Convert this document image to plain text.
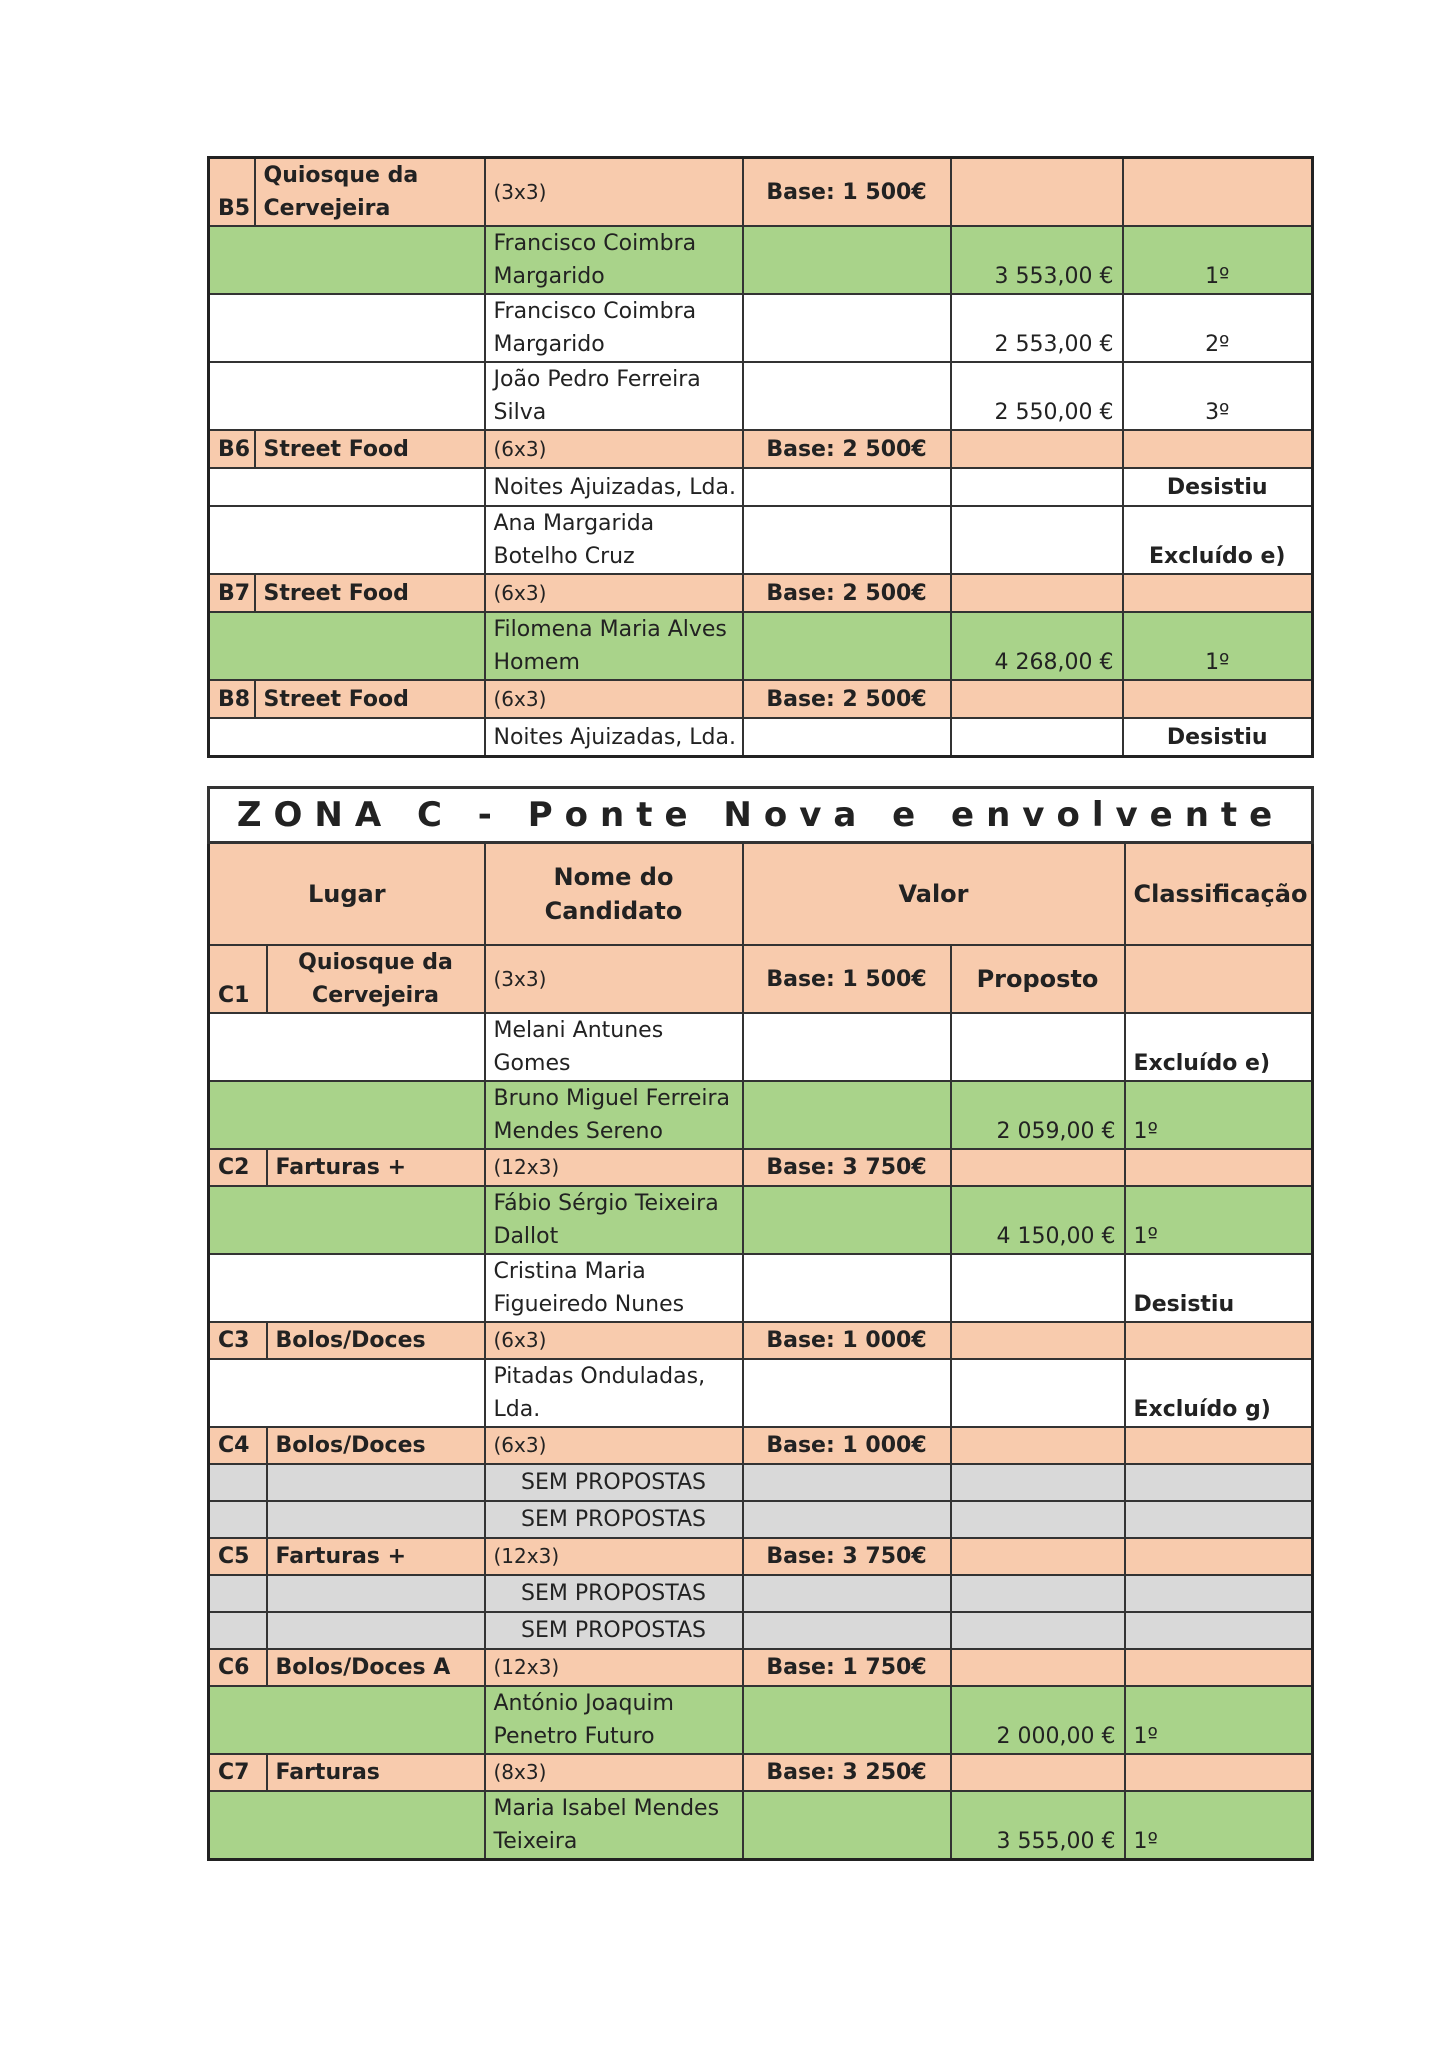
B5	Quiosque da Cervejeira	(3x3)	Base: 1 500€		
		Francisco Coimbra Margarido		3 553,00 €	1º
		Francisco Coimbra Margarido		2 553,00 €	2º
		João Pedro Ferreira Silva		2 550,00 €	3º
B6	Street Food	(6x3)	Base: 2 500€		
		Noites Ajuizadas, Lda.			Desistiu
		Ana Margarida Botelho Cruz			Excluído e)
B7	Street Food	(6x3)	Base: 2 500€		
		Filomena Maria Alves Homem		4 268,00 €	1º
B8	Street Food	(6x3)	Base: 2 500€		
		Noites Ajuizadas, Lda.			Desistiu
ZONA C - Ponte Nova e envolvente					
Lugar		Nome do Candidato	Valor		Classificação
C1	Quiosque da Cervejeira	(3x3)	Base: 1 500€	Proposto	
		Melani Antunes Gomes			Excluído e)
		Bruno Miguel Ferreira Mendes Sereno		2 059,00 €	1º
C2	Farturas +	(12x3)	Base: 3 750€		
		Fábio Sérgio Teixeira Dallot		4 150,00 €	1º
		Cristina Maria Figueiredo Nunes			Desistiu
C3	Bolos/Doces	(6x3)	Base: 1 000€		
		Pitadas Onduladas, Lda.			Excluído g)
C4	Bolos/Doces	(6x3)	Base: 1 000€		
		SEM PROPOSTAS			
		SEM PROPOSTAS			
C5	Farturas +	(12x3)	Base: 3 750€		
		SEM PROPOSTAS			
		SEM PROPOSTAS			
C6	Bolos/Doces A	(12x3)	Base: 1 750€		
		António Joaquim Penetro Futuro		2 000,00 €	1º
C7	Farturas	(8x3)	Base: 3 250€		
		Maria Isabel Mendes Teixeira		3 555,00 €	1º
